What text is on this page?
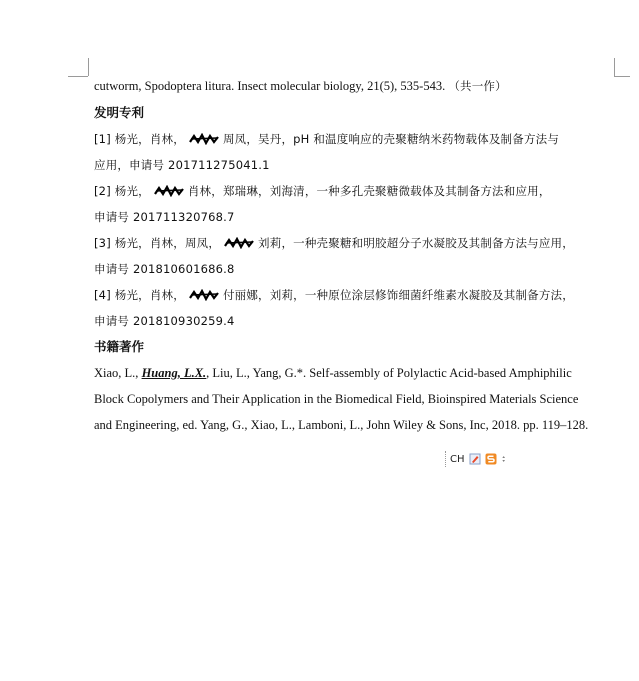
cutworm, Spodoptera litura. Insect molecular biology, 21(5), 535-543. （共一作）
发明专利
[1] 杨光，肖林，	周凤，吴丹，pH 和温度响应的壳聚糖纳米药物载体及制备方法与
应用，申请号 201711275041.1
[2] 杨光，	肖林，郑瑞琳，刘海清，一种多孔壳聚糖微载体及其制备方法和应用，
申请号 201711320768.7
[3] 杨光，肖林，周凤，	刘莉，一种壳聚糖和明胶超分子水凝胶及其制备方法与应用，
申请号 201810601686.8
[4] 杨光，肖林，	付丽娜，刘莉，一种原位涂层修饰细菌纤维素水凝胶及其制备方法，
申请号 201810930259.4
书籍著作
Xiao, L., Huang, L.X., Liu, L., Yang, G.*. Self-assembly of Polylactic Acid-based Amphiphilic
Block Copolymers and Their Application in the Biomedical Field, Bioinspired Materials Science
and Engineering, ed. Yang, G., Xiao, L., Lamboni, L., John Wiley & Sons, Inc, 2018. pp. 119–128.
CH
